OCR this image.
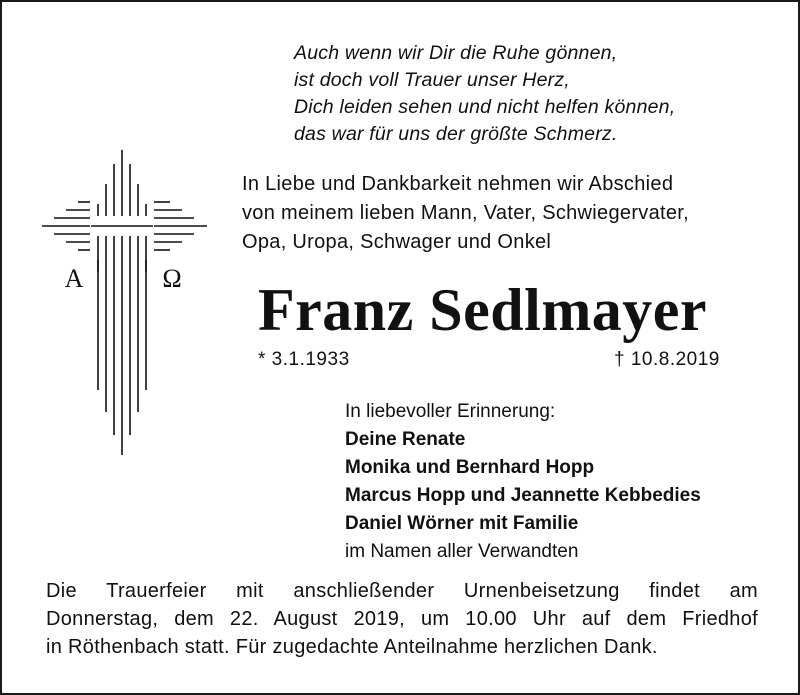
Auch wenn wir Dir die Ruhe gönnen,
ist doch voll Trauer unser Herz,
Dich leiden sehen und nicht helfen können,
das war für uns der größte Schmerz.
In Liebe und Dankbarkeit nehmen wir Abschied
von meinem lieben Mann, Vater, Schwiegervater,
Opa, Uropa, Schwager und Onkel
A	Ω Franz Sedlmayer
* 3.1.1933	† 10.8.2019
In liebevoller Erinnerung:
Deine Renate
Monika und Bernhard Hopp
Marcus Hopp und Jeannette Kebbedies
Daniel Wörner mit Familie
im Namen aller Verwandten
Die Trauerfeier mit anschließender Urnenbeisetzung findet am
Donnerstag, dem 22. August 2019, um 10.00 Uhr auf dem Friedhof
in Röthenbach statt. Für zugedachte Anteilnahme herzlichen Dank.
